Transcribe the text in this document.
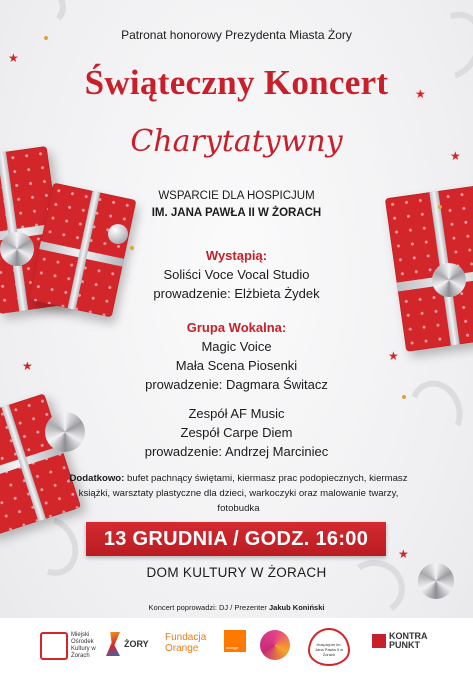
★
★
★
★
★
★
Patronat honorowy Prezydenta Miasta Żory
Świąteczny Koncert
Charytatywny
WSPARCIE DLA HOSPICJUM
IM. JANA PAWŁA II W ŻORACH
Wystąpią:
Soliści Voce Vocal Studio
prowadzenie: Elżbieta Żydek
Grupa Wokalna:
Magic Voice
Mała Scena Piosenki
prowadzenie: Dagmara Świtacz
Zespół AF Music
Zespół Carpe Diem
prowadzenie: Andrzej Marciniec
Dodatkowo: bufet pachnący świętami, kiermasz prac podopiecznych, kiermasz książki, warsztaty plastyczne dla dzieci, warkoczyki oraz malowanie twarzy, fotobudka
13 GRUDNIA / GODZ. 16:00
DOM KULTURY W ŻORACH
Koncert poprowadzi: DJ / Prezenter Jakub Koniński
Miejski Ośrodek Kultury w Żorach
ŻORY
Fundacja
Orange	orange
Hospicjum im. Jana Pawła II w Żorach
KONTRA
PUNKT
